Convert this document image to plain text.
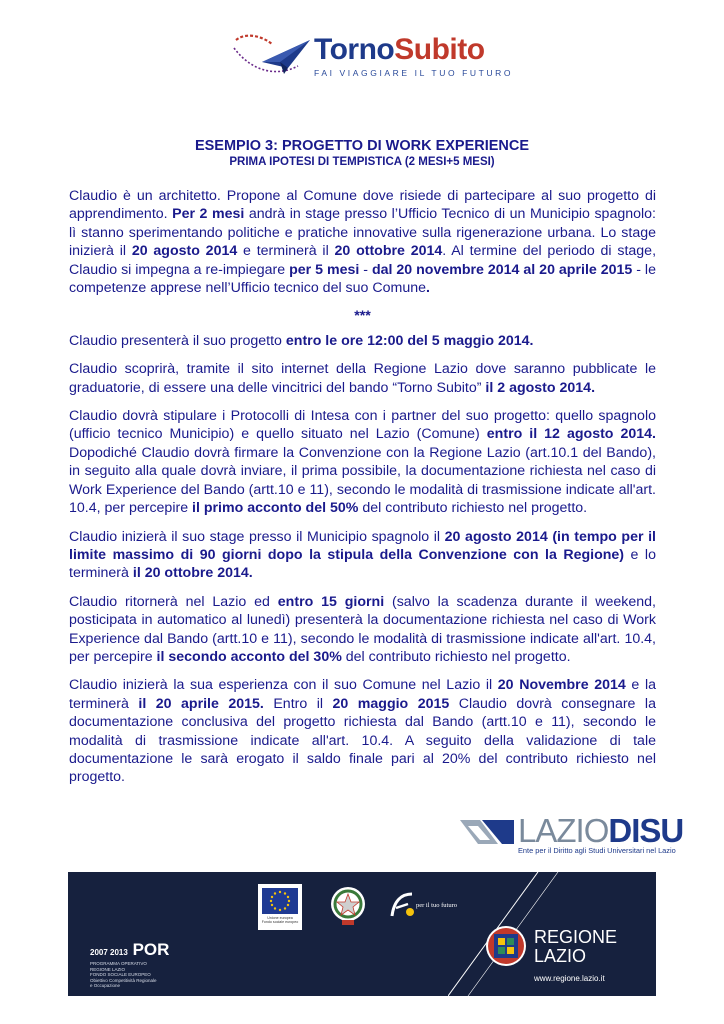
TornoSubito
FAI VIAGGIARE IL TUO FUTURO
ESEMPIO 3: PROGETTO DI WORK EXPERIENCE
PRIMA IPOTESI DI TEMPISTICA (2 MESI+5 MESI)

Claudio è un architetto. Propone al Comune dove risiede di partecipare al suo progetto di apprendimento. Per 2 mesi andrà in stage presso l’Ufficio Tecnico di un Municipio spagnolo: lì stanno sperimentando politiche e pratiche innovative sulla rigenerazione urbana. Lo stage inizierà il 20 agosto 2014 e terminerà il 20 ottobre 2014. Al termine del periodo di stage, Claudio si impegna a re-impiegare per 5 mesi - dal 20 novembre 2014 al 20 aprile 2015 - le competenze apprese nell’Ufficio tecnico del suo Comune.

***

Claudio presenterà il suo progetto entro le ore 12:00 del 5 maggio 2014.

Claudio scoprirà, tramite il sito internet della Regione Lazio dove saranno pubblicate le graduatorie, di essere una delle vincitrici del bando “Torno Subito” il 2 agosto 2014.

Claudio dovrà stipulare i Protocolli di Intesa con i partner del suo progetto: quello spagnolo (ufficio tecnico Municipio) e quello situato nel Lazio (Comune) entro il 12 agosto 2014. Dopodiché Claudio dovrà firmare la Convenzione con la Regione Lazio (art.10.1 del Bando), in seguito alla quale dovrà inviare, il prima possibile, la documentazione richiesta nel caso di Work Experience del Bando (artt.10 e 11), secondo le modalità di trasmissione indicate all'art. 10.4, per percepire il primo acconto del 50% del contributo richiesto nel progetto.

Claudio inizierà il suo stage presso il Municipio spagnolo il 20 agosto 2014 (in tempo per il limite massimo di 90 giorni dopo la stipula della Convenzione con la Regione) e lo terminerà il 20 ottobre 2014.

Claudio ritornerà nel Lazio ed entro 15 giorni (salvo la scadenza durante il weekend, posticipata in automatico al lunedì) presenterà la documentazione richiesta nel caso di Work Experience dal Bando (artt.10 e 11), secondo le modalità di trasmissione indicate all'art. 10.4, per percepire il secondo acconto del 30% del contributo richiesto nel progetto.

Claudio inizierà la sua esperienza con il suo Comune nel Lazio il 20 Novembre 2014 e la terminerà il 20 aprile 2015. Entro il 20 maggio 2015 Claudio dovrà consegnare la documentazione conclusiva del progetto richiesta dal Bando (artt.10 e 11), secondo le modalità di trasmissione indicate all'art. 10.4. A seguito della validazione di tale documentazione le sarà erogato il saldo finale pari al 20% del contributo richiesto nel progetto.

LAZIODISU
Ente per il Diritto agli Studi Universitari nel Lazio
2007 2013 POR
PROGRAMMA OPERATIVO
REGIONE LAZIO
FONDO SOCIALE EUROPEO
Obiettivo Competitività Regionale
e Occupazione
Unione europea
Fondo sociale europeo
per il tuo futuro
REGIONE
LAZIO
www.regione.lazio.it
